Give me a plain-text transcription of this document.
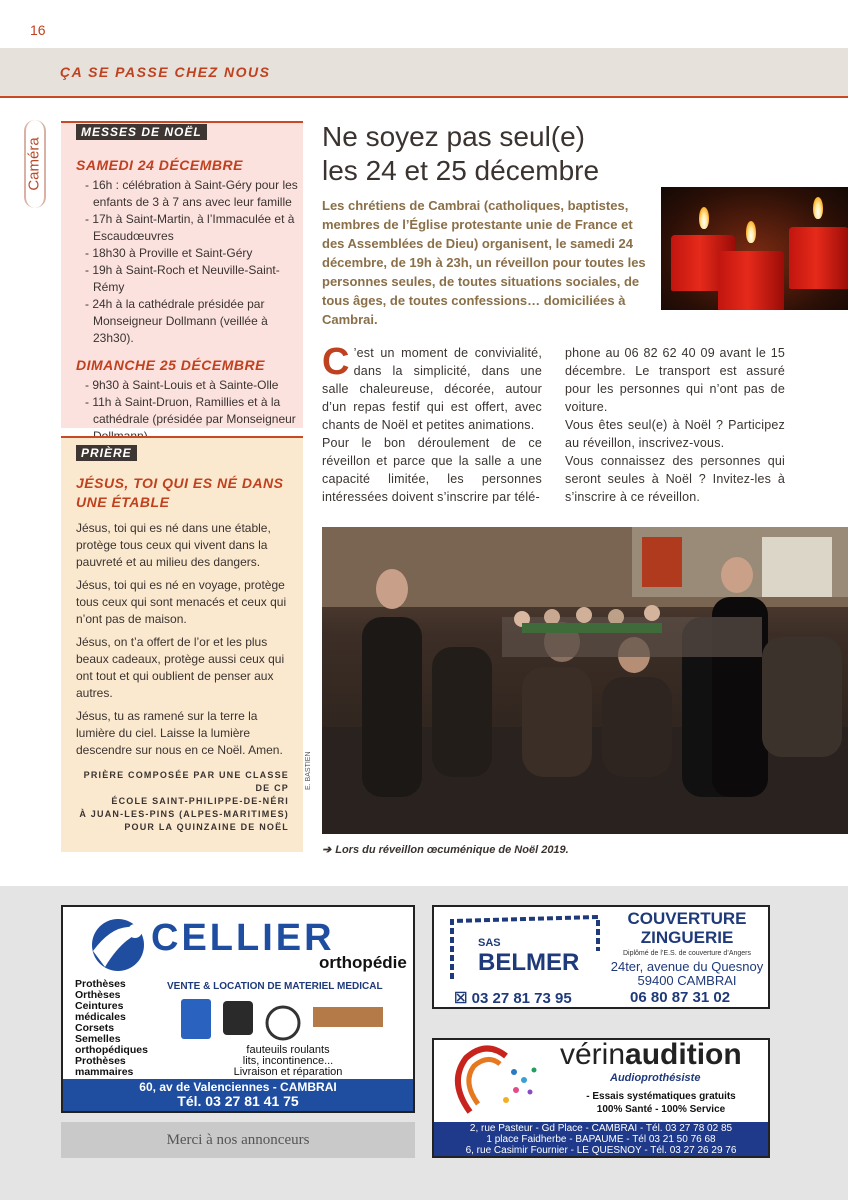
16
ÇA SE PASSE CHEZ NOUS
Caméra
MESSES DE NOËL
SAMEDI 24 DÉCEMBRE
- 16h : célébration à Saint-Géry pour les enfants de 3 à 7 ans avec leur famille
- 17h à Saint-Martin, à l’Immaculée et à Escaudœuvres
- 18h30 à Proville et Saint-Géry
- 19h à Saint-Roch et Neuville-Saint-Rémy
- 24h à la cathédrale présidée par Monseigneur Dollmann (veillée à 23h30).
DIMANCHE 25 DÉCEMBRE
- 9h30 à Saint-Louis et à Sainte-Olle
- 11h à Saint-Druon, Ramillies et à la cathédrale (présidée par Monseigneur
PRIÈRE
JÉSUS, TOI QUI ES NÉ DANS UNE ÉTABLE

Jésus, toi qui es né dans une étable, protège tous ceux qui vivent dans la pauvreté et au milieu des dangers.

Jésus, toi qui es né en voyage, protège tous ceux qui sont menacés et ceux qui n’ont pas de maison.

Jésus, on t’a offert de l’or et les plus beaux cadeaux, protège aussi ceux qui ont tout et qui oublient de penser aux autres.

Jésus, tu as ramené sur la terre la lumière du ciel. Laisse la lumière descendre sur nous en ce Noël. Amen.

PRIÈRE COMPOSÉE PAR UNE CLASSE DE CP
ÉCOLE SAINT-PHILIPPE-DE-NÉRI
À JUAN-LES-PINS (ALPES-MARITIMES)
POUR LA QUINZAINE DE NOËL
Ne soyez pas seul(e)
les 24 et 25 décembre
Les chrétiens de Cambrai (catholiques, baptistes, membres de l’Église protestante unie de France et des Assemblées de Dieu) organisent, le samedi 24 décembre, de 19h à 23h, un réveillon pour toutes les personnes seules, de toutes situations sociales, de tous âges, de toutes confessions… domiciliées à Cambrai.

C ’est un moment de convivialité, dans la simplicité, dans une salle chaleureuse, décorée, autour d’un repas festif qui est offert, avec chants de Noël et petites animations.

Pour le bon déroulement de ce réveillon et parce que la salle a une capacité limitée, les personnes intéressées doivent s’inscrire par télé-

phone au 06 82 62 40 09 avant le 15 décembre. Le transport est assuré pour les personnes qui n’ont pas de voiture.

Vous êtes seul(e) à Noël ? Participez au réveillon, inscrivez-vous.

Vous connaissez des personnes qui seront seules à Noël ? Invitez-les à s’inscrire à ce réveillon.

E. BASTIEN
➔ Lors du réveillon œcuménique de Noël 2019.
CELLIER
orthopédie
Prothèses
Orthèses
Ceintures
médicales
Corsets
Semelles
orthopédiques
Prothèses
mammaires
VENTE & LOCATION DE MATERIEL MEDICAL
fauteuils roulants
lits, incontinence...
Livraison et réparation
60, av de Valenciennes - CAMBRAI
Tél. 03 27 81 41 75
Merci à nos annonceurs
SAS
BELMER
COUVERTURE
ZINGUERIE
Diplômé de l’E.S. de couverture d’Angers
24ter, avenue du Quesnoy
59400 CAMBRAI
☒ 03 27 81 73 95	06 80 87 31 02
vérinaudition
Audioprothésiste
- Essais systématiques gratuits
100% Santé - 100% Service
2, rue Pasteur - Gd Place - CAMBRAI - Tél. 03 27 78 02 85
1 place Faidherbe - BAPAUME - Tél 03 21 50 76 68
6, rue Casimir Fournier - LE QUESNOY - Tél. 03 27 26 29 76
